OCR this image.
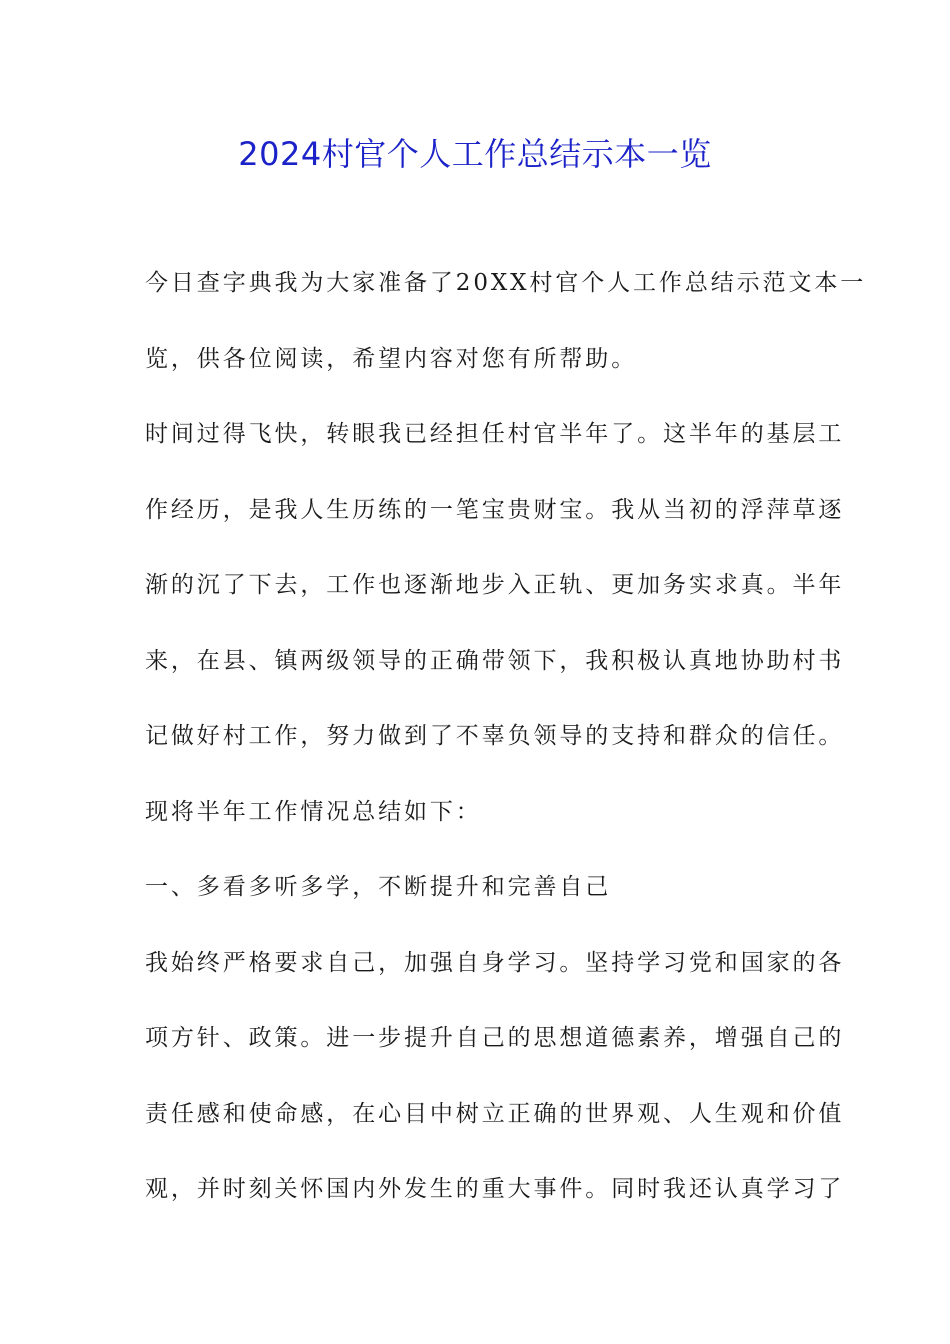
2024村官个人工作总结示本一览
今日查字典我为大家准备了20XX村官个人工作总结示范文本一
览，供各位阅读，希望内容对您有所帮助。
时间过得飞快，转眼我已经担任村官半年了。这半年的基层工
作经历，是我人生历练的一笔宝贵财宝。我从当初的浮萍草逐
渐的沉了下去，工作也逐渐地步入正轨、更加务实求真。半年
来，在县、镇两级领导的正确带领下，我积极认真地协助村书
记做好村工作，努力做到了不辜负领导的支持和群众的信任。
现将半年工作情况总结如下：
一、多看多听多学，不断提升和完善自己
我始终严格要求自己，加强自身学习。坚持学习党和国家的各
项方针、政策。进一步提升自己的思想道德素养，增强自己的
责任感和使命感，在心目中树立正确的世界观、人生观和价值
观，并时刻关怀国内外发生的重大事件。同时我还认真学习了
